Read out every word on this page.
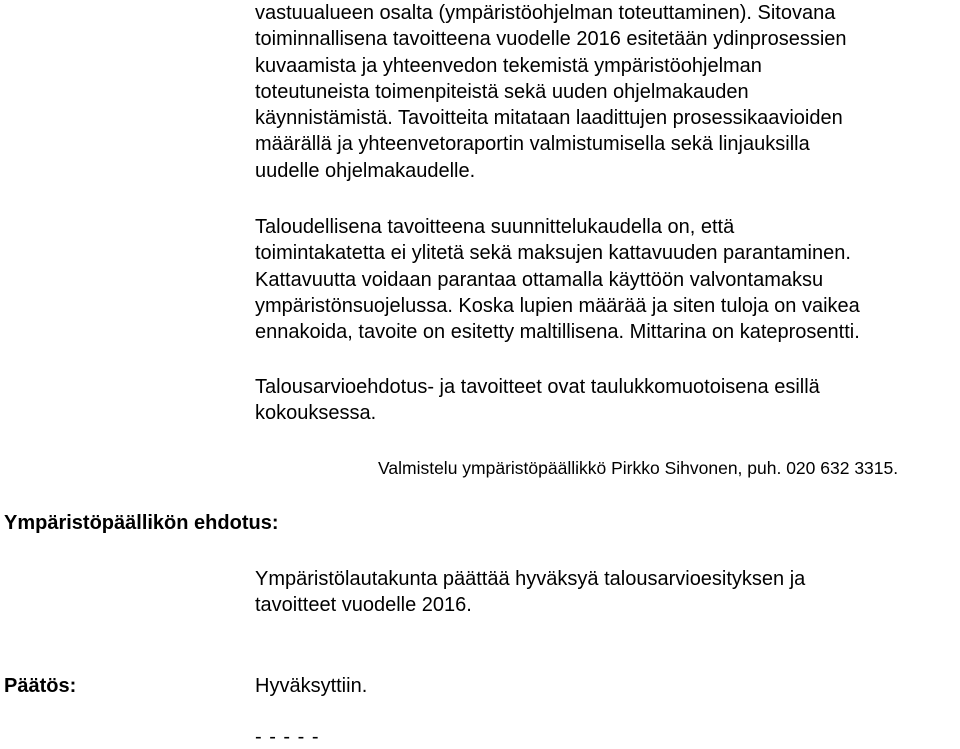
vastuualueen osalta (ympäristöohjelman toteuttaminen). Sitovana
toiminnallisena tavoitteena vuodelle 2016 esitetään ydinprosessien
kuvaamista ja yhteenvedon tekemistä ympäristöohjelman
toteutuneista toimenpiteistä sekä uuden ohjelmakauden
käynnistämistä. Tavoitteita mitataan laadittujen prosessikaavioiden
määrällä ja yhteenvetoraportin valmistumisella sekä linjauksilla
uudelle ohjelmakaudelle.
Taloudellisena tavoitteena suunnittelukaudella on, että
toimintakatetta ei ylitetä sekä maksujen kattavuuden parantaminen.
Kattavuutta voidaan parantaa ottamalla käyttöön valvontamaksu
ympäristönsuojelussa. Koska lupien määrää ja siten tuloja on vaikea
ennakoida, tavoite on esitetty maltillisena. Mittarina on kateprosentti.
Talousarvioehdotus- ja tavoitteet ovat taulukkomuotoisena esillä
kokouksessa.
Valmistelu ympäristöpäällikkö Pirkko Sihvonen, puh. 020 632 3315.
Ympäristöpäällikön ehdotus:
Ympäristölautakunta päättää hyväksyä talousarvioesityksen ja
tavoitteet vuodelle 2016.
Päätös:	Hyväksyttiin.
- - - - -
